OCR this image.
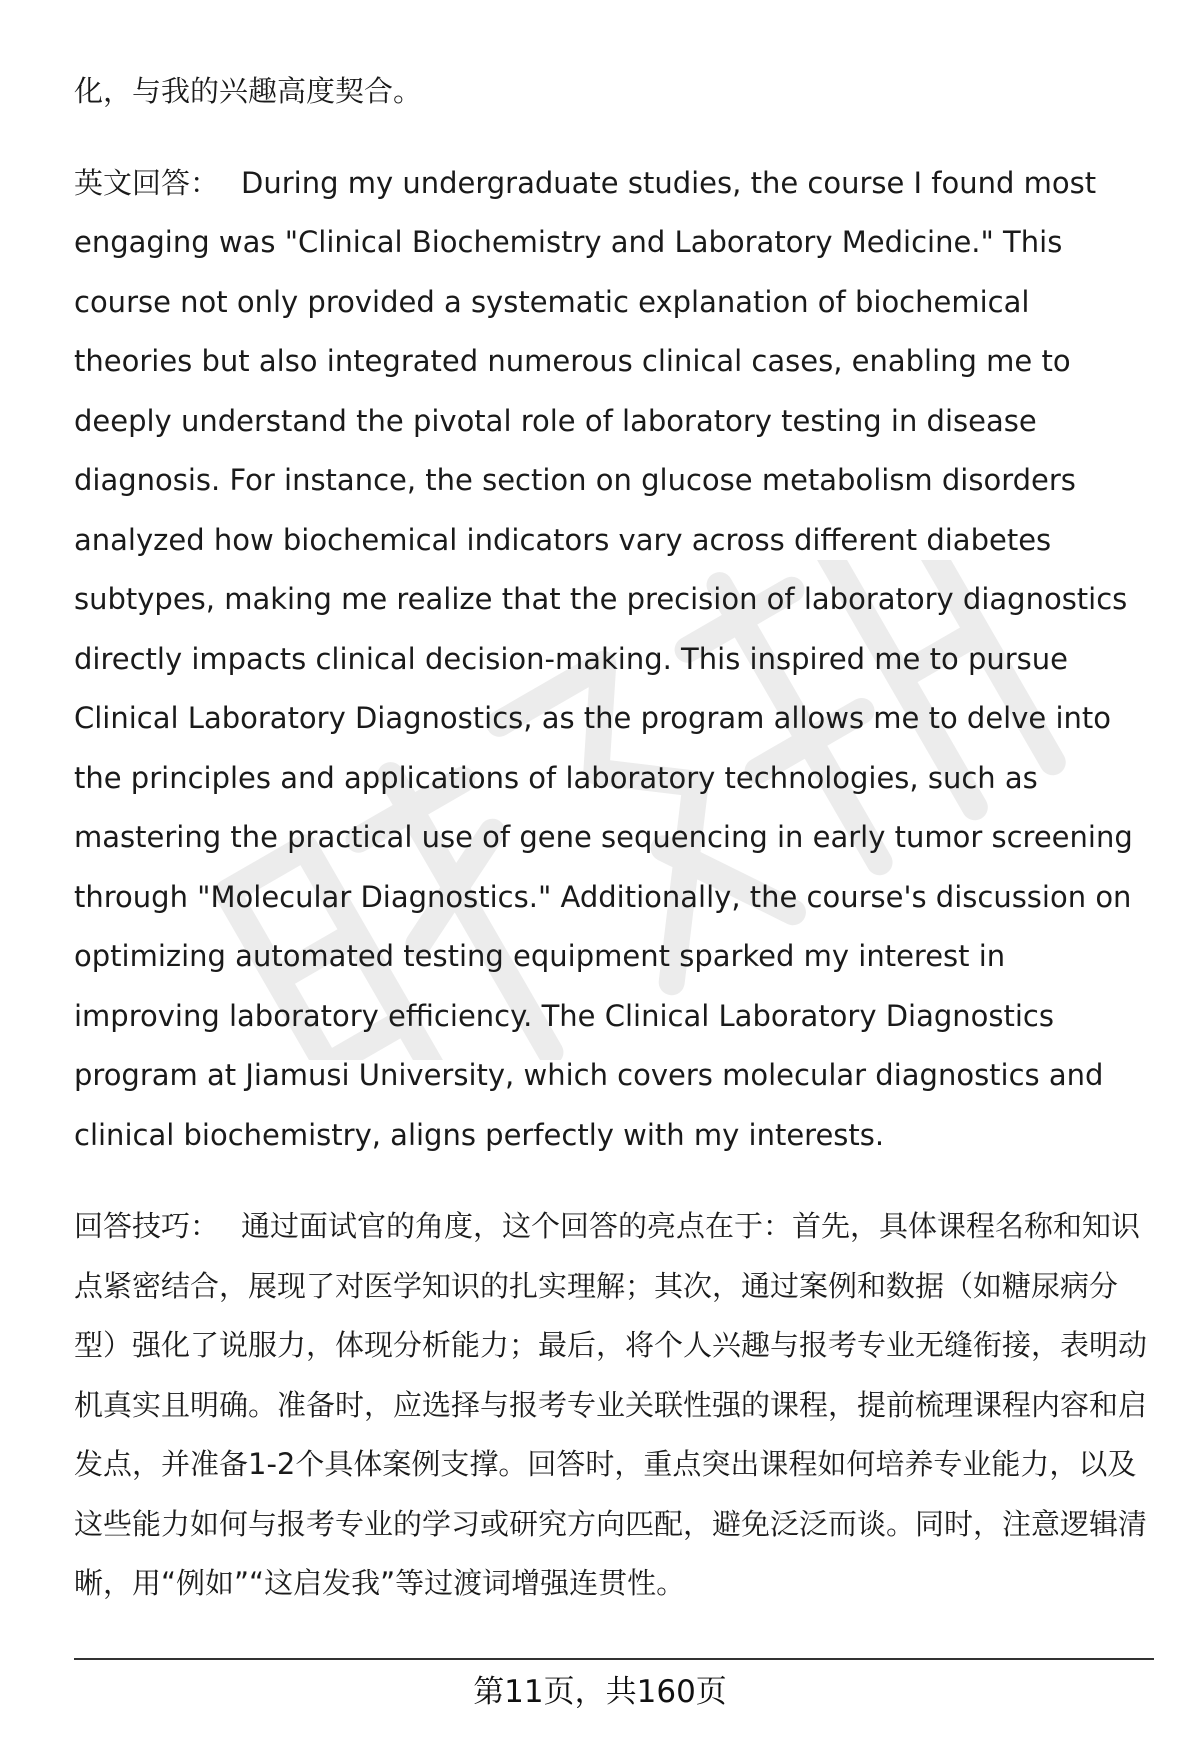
化，与我的兴趣高度契合。

英文回答： During my undergraduate studies, the course I found most engaging was "Clinical Biochemistry and Laboratory Medicine." This course not only provided a systematic explanation of biochemical theories but also integrated numerous clinical cases, enabling me to deeply understand the pivotal role of laboratory testing in disease diagnosis. For instance, the section on glucose metabolism disorders analyzed how biochemical indicators vary across different diabetes subtypes, making me realize that the precision of laboratory diagnostics directly impacts clinical decision-making. This inspired me to pursue Clinical Laboratory Diagnostics, as the program allows me to delve into the principles and applications of laboratory technologies, such as mastering the practical use of gene sequencing in early tumor screening through "Molecular Diagnostics." Additionally, the course's discussion on optimizing automated testing equipment sparked my interest in improving laboratory efficiency. The Clinical Laboratory Diagnostics program at Jiamusi University, which covers molecular diagnostics and clinical biochemistry, aligns perfectly with my interests.

回答技巧： 通过面试官的角度，这个回答的亮点在于：首先，具体课程名称和知识点紧密结合，展现了对医学知识的扎实理解；其次，通过案例和数据（如糖尿病分型）强化了说服力，体现分析能力；最后，将个人兴趣与报考专业无缝衔接，表明动机真实且明确。准备时，应选择与报考专业关联性强的课程，提前梳理课程内容和启发点，并准备1-2个具体案例支撑。回答时，重点突出课程如何培养专业能力，以及这些能力如何与报考专业的学习或研究方向匹配，避免泛泛而谈。同时，注意逻辑清晰，用“例如”“这启发我”等过渡词增强连贯性。

第11页，共160页
